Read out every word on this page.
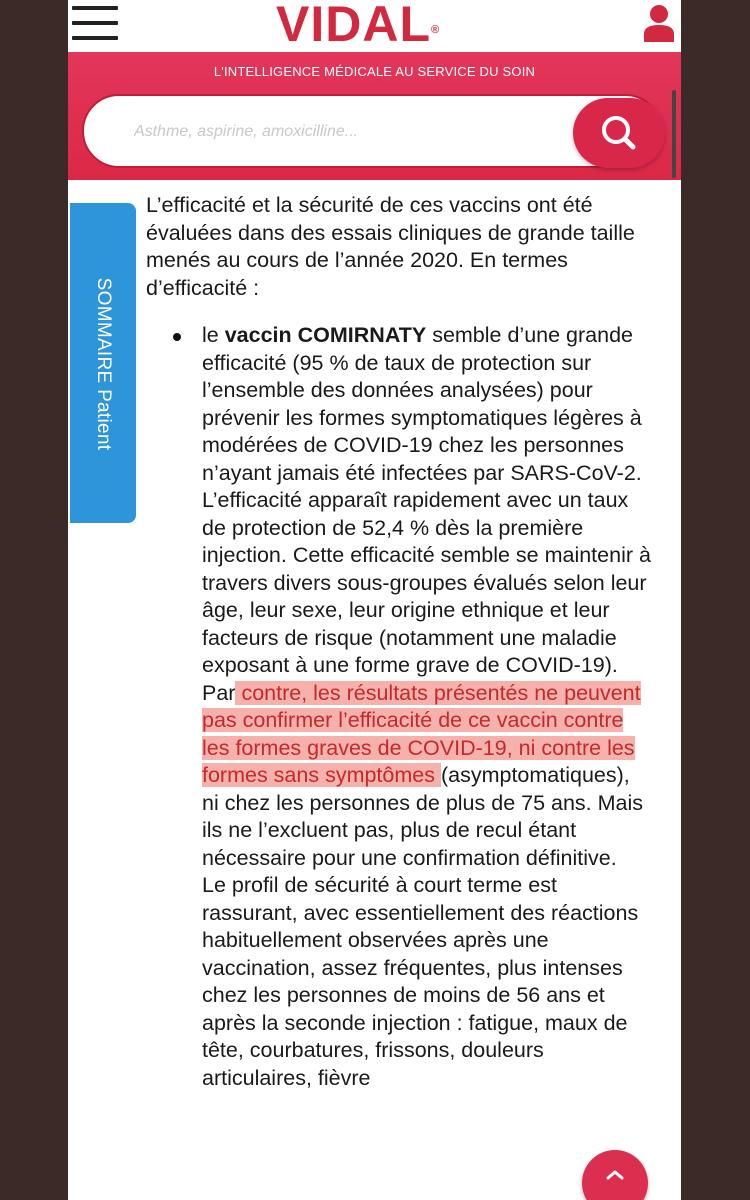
VIDAL®
L'INTELLIGENCE MÉDICALE AU SERVICE DU SOIN
Asthme, aspirine, amoxicilline...
SOMMAIRE Patient

L’efficacité et la sécurité de ces vaccins ont été évaluées dans des essais cliniques de grande taille menés au cours de l’année 2020. En termes d’efficacité :

le vaccin COMIRNATY semble d’une grande efficacité (95 % de taux de protection sur l’ensemble des données analysées) pour prévenir les formes symptomatiques légères à modérées de COVID-19 chez les personnes n’ayant jamais été infectées par SARS-CoV-2. L’efficacité apparaît rapidement avec un taux de protection de 52,4 % dès la première injection. Cette efficacité semble se maintenir à travers divers sous-groupes évalués selon leur âge, leur sexe, leur origine ethnique et leur facteurs de risque (notamment une maladie exposant à une forme grave de COVID-19). Par contre, les résultats présentés ne peuvent pas confirmer l’efficacité de ce vaccin contre les formes graves de COVID-19, ni contre les formes sans symptômes (asymptomatiques), ni chez les personnes de plus de 75 ans. Mais ils ne l’excluent pas, plus de recul étant nécessaire pour une confirmation définitive.
Le profil de sécurité à court terme est rassurant, avec essentiellement des réactions habituellement observées après une vaccination, assez fréquentes, plus intenses chez les personnes de moins de 56 ans et après la seconde injection : fatigue, maux de tête, courbatures, frissons, douleurs articulaires, fièvre
